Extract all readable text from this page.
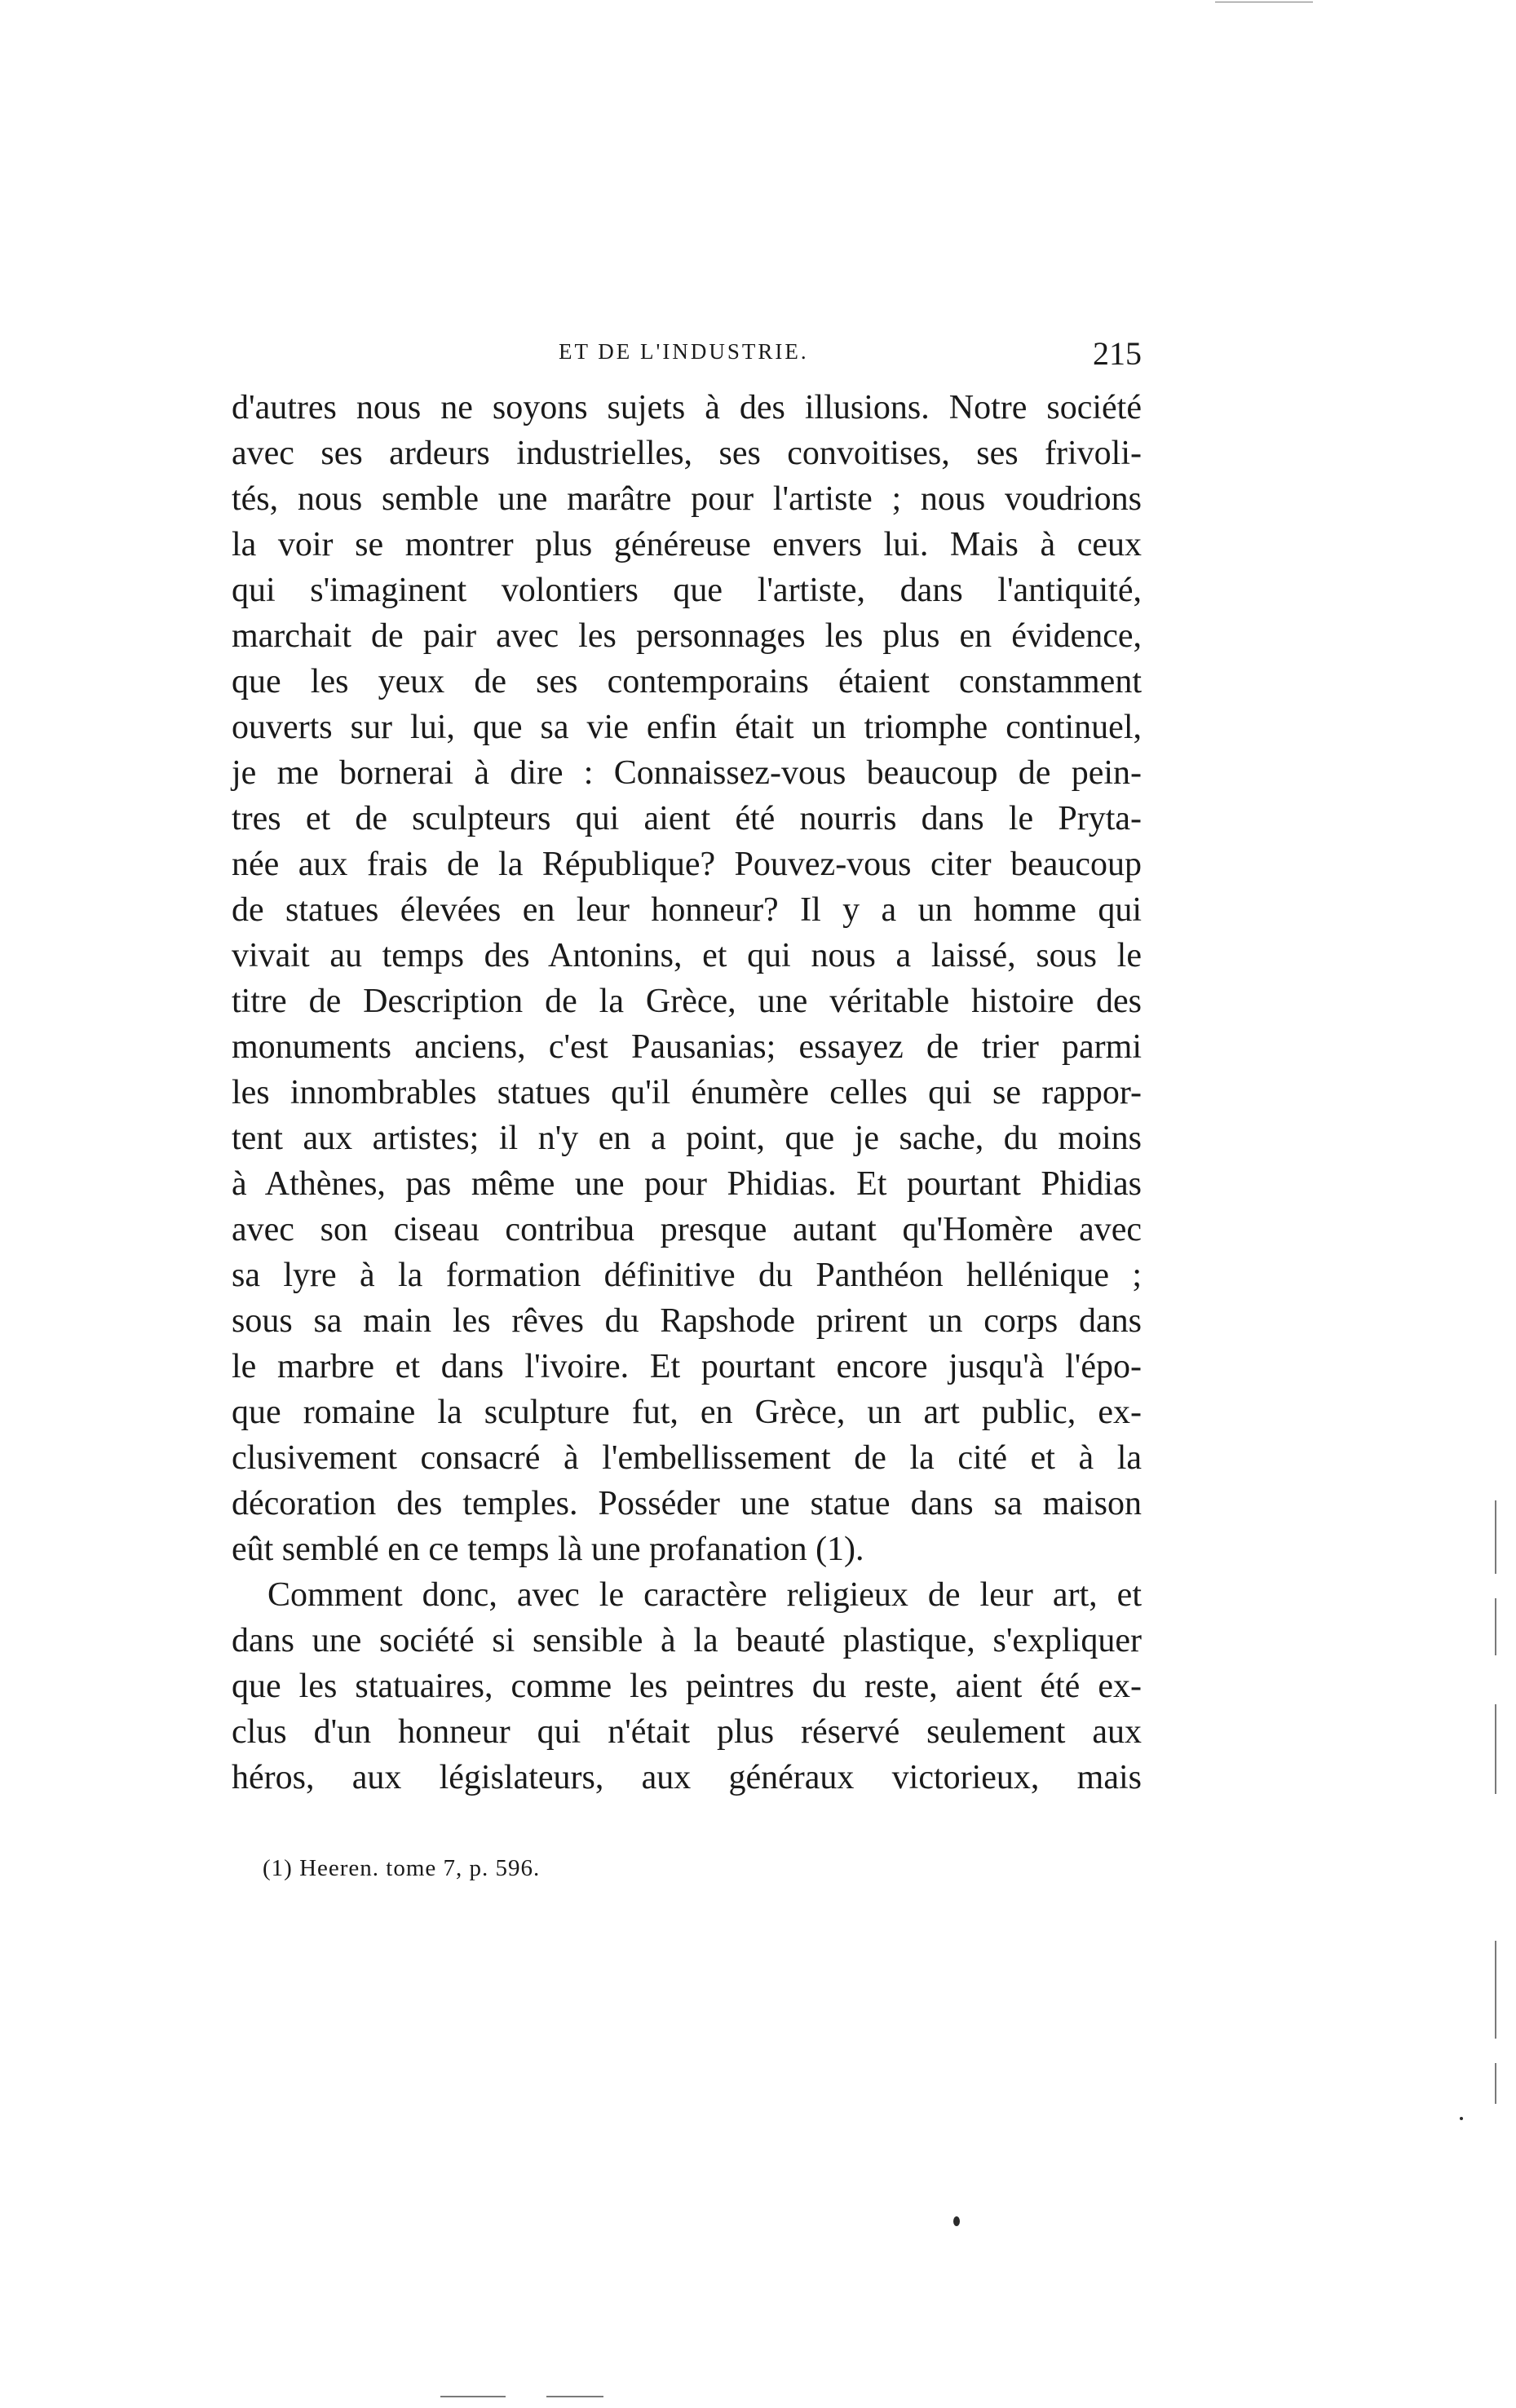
ET DE L'INDUSTRIE.	215
d'autres nous ne soyons sujets à des illusions. Notre société
avec ses ardeurs industrielles, ses convoitises, ses frivoli-
tés, nous semble une marâtre pour l'artiste ; nous voudrions
la voir se montrer plus généreuse envers lui. Mais à ceux
qui s'imaginent volontiers que l'artiste, dans l'antiquité,
marchait de pair avec les personnages les plus en évidence,
que les yeux de ses contemporains étaient constamment
ouverts sur lui, que sa vie enfin était un triomphe continuel,
je me bornerai à dire : Connaissez-vous beaucoup de pein-
tres et de sculpteurs qui aient été nourris dans le Pryta-
née aux frais de la République? Pouvez-vous citer beaucoup
de statues élevées en leur honneur? Il y a un homme qui
vivait au temps des Antonins, et qui nous a laissé, sous le
titre de Description de la Grèce, une véritable histoire des
monuments anciens, c'est Pausanias; essayez de trier parmi
les innombrables statues qu'il énumère celles qui se rappor-
tent aux artistes; il n'y en a point, que je sache, du moins
à Athènes, pas même une pour Phidias. Et pourtant Phidias
avec son ciseau contribua presque autant qu'Homère avec
sa lyre à la formation définitive du Panthéon hellénique ;
sous sa main les rêves du Rapshode prirent un corps dans
le marbre et dans l'ivoire. Et pourtant encore jusqu'à l'épo-
que romaine la sculpture fut, en Grèce, un art public, ex-
clusivement consacré à l'embellissement de la cité et à la
décoration des temples. Posséder une statue dans sa maison
eût semblé en ce temps là une profanation (1).
Comment donc, avec le caractère religieux de leur art, et
dans une société si sensible à la beauté plastique, s'expliquer
que les statuaires, comme les peintres du reste, aient été ex-
clus d'un honneur qui n'était plus réservé seulement aux
héros, aux législateurs, aux généraux victorieux, mais
(1) Heeren. tome 7, p. 596.
